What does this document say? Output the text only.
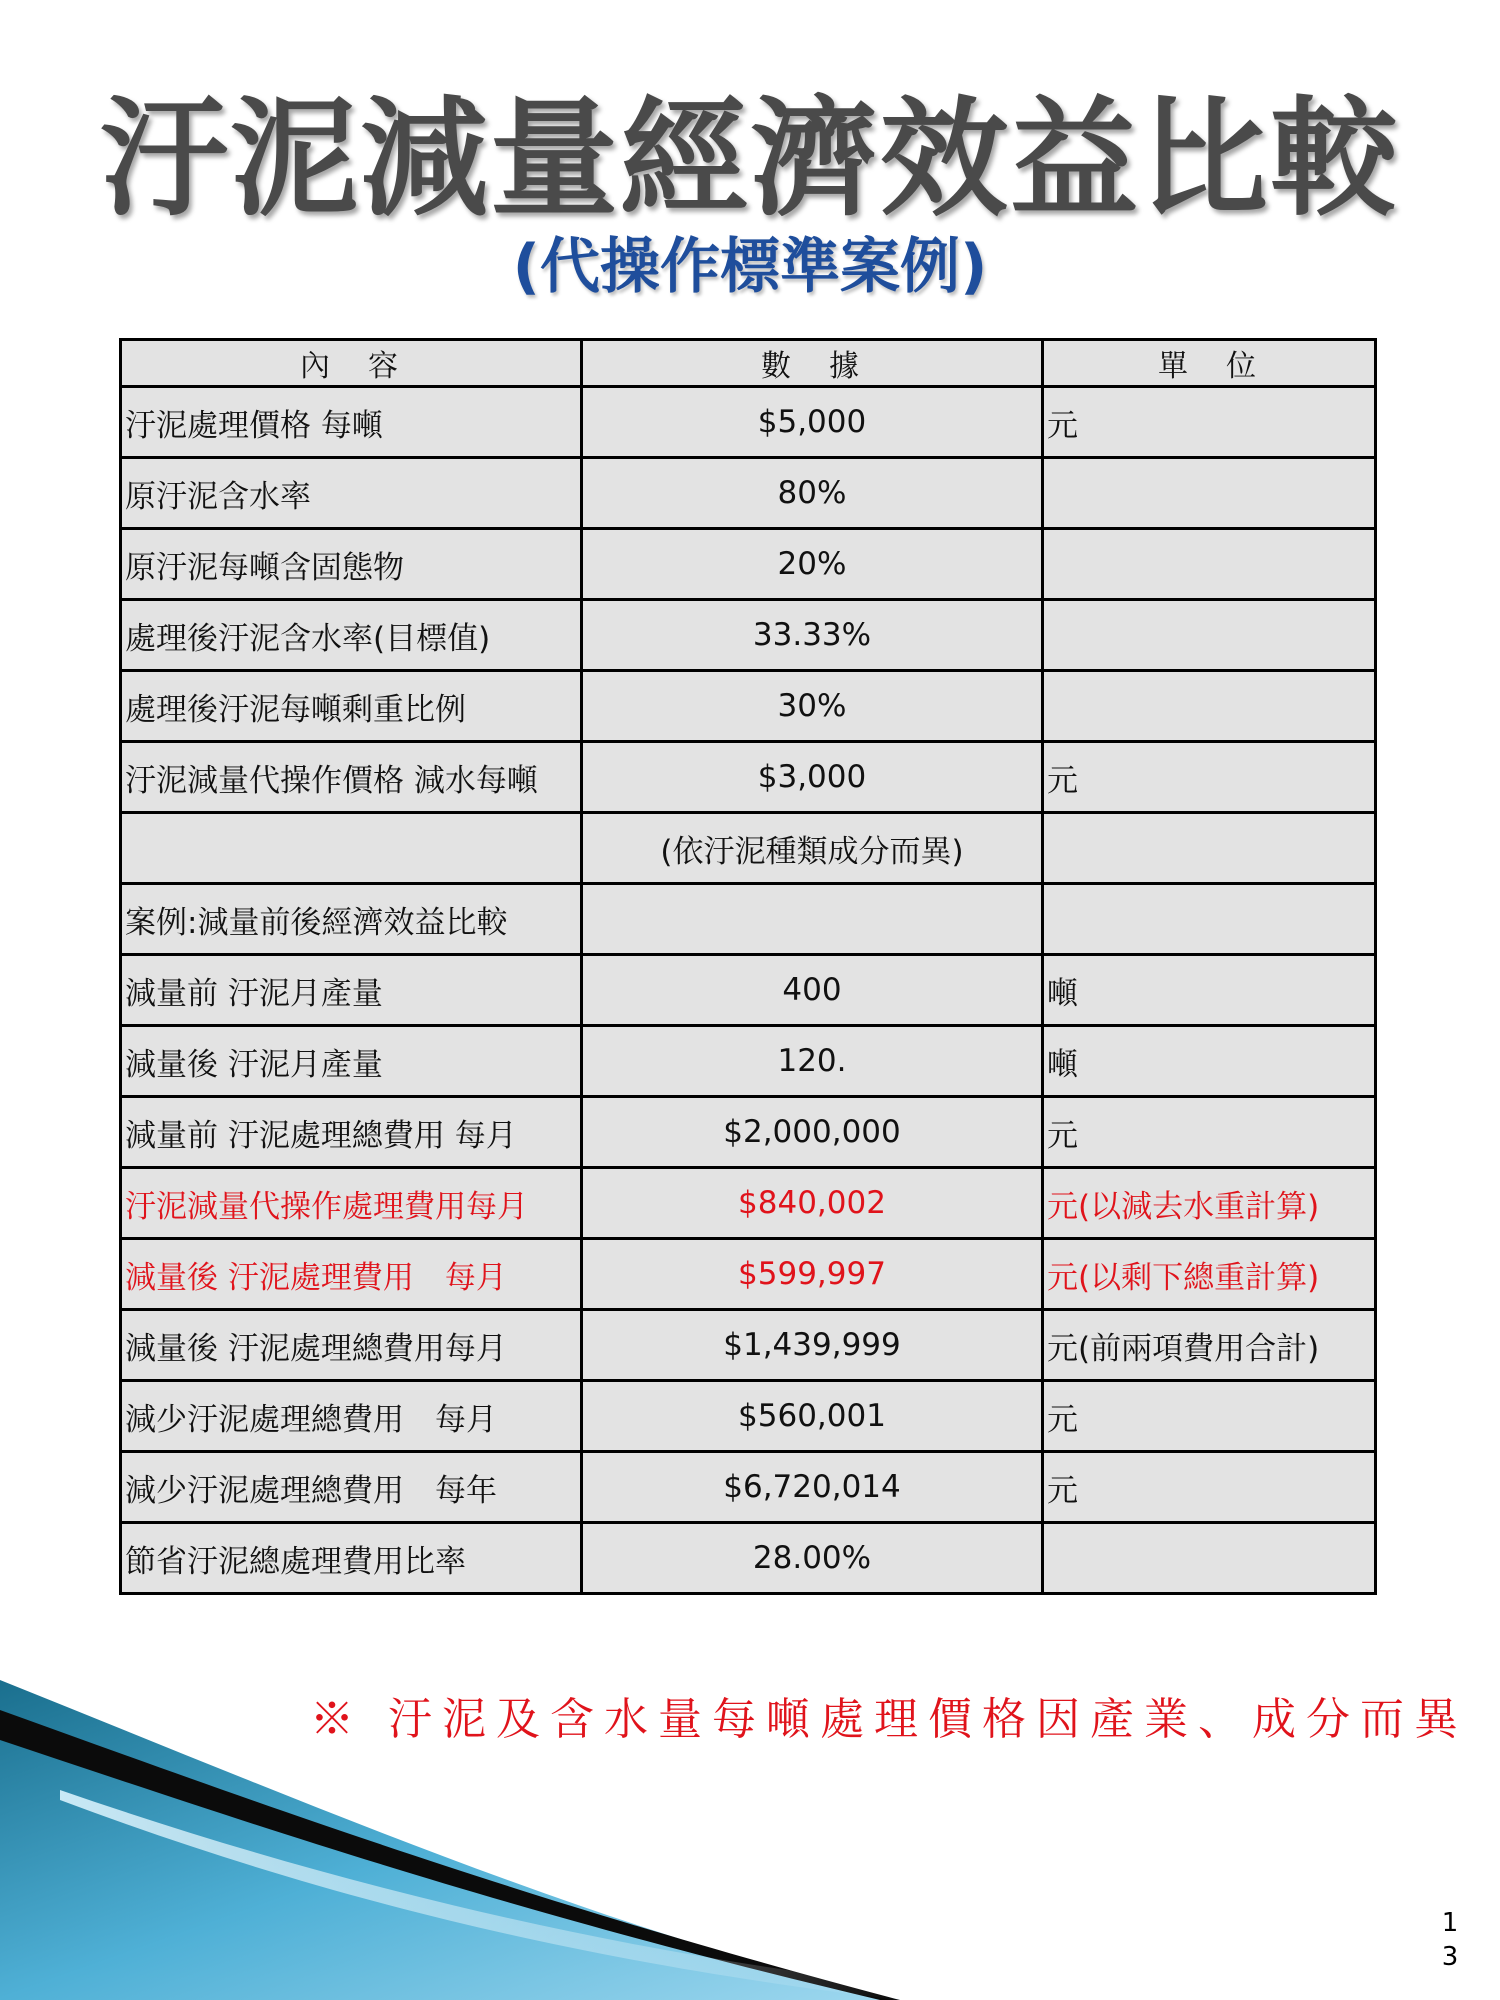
汙泥減量經濟效益比較
(代操作標準案例)
內　容	數　據	單　位
汙泥處理價格 每噸	$5,000	元
原汙泥含水率	80%	
原汙泥每噸含固態物	20%	
處理後汙泥含水率(目標值)	33.33%	
處理後汙泥每噸剩重比例	30%	
汙泥減量代操作價格 減水每噸	$3,000	元
	(依汙泥種類成分而異)	
案例:減量前後經濟效益比較		
減量前 汙泥月產量	400	噸
減量後 汙泥月產量	120.	噸
減量前 汙泥處理總費用 每月	$2,000,000	元
汙泥減量代操作處理費用每月	$840,002	元(以減去水重計算)
減量後 汙泥處理費用　每月	$599,997	元(以剩下總重計算)
減量後 汙泥處理總費用每月	$1,439,999	元(前兩項費用合計)
減少汙泥處理總費用　每月	$560,001	元
減少汙泥處理總費用　每年	$6,720,014	元
節省汙泥總處理費用比率	28.00%	
※ 汙泥及含水量每噸處理價格因產業、成分而異
1
3
